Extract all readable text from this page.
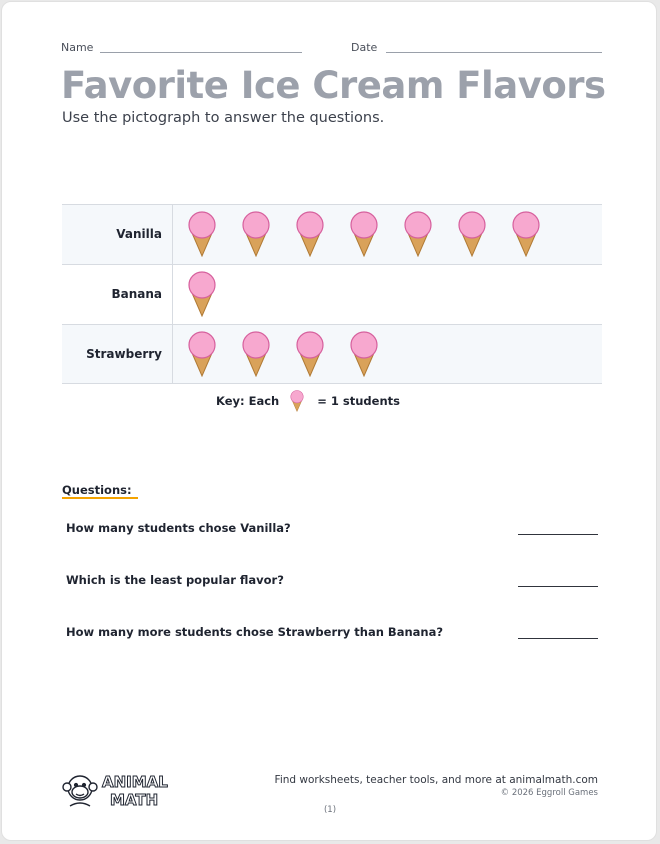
Name	Date
Favorite Ice Cream Flavors
Use the pictograph to answer the questions.
Vanilla
Banana
Strawberry
Key: Each	= 1 students
Questions:
How many students chose Vanilla?
Which is the least popular flavor?
How many more students chose Strawberry than Banana?
ANIMAL
MATH
Find worksheets, teacher tools, and more at animalmath.com
© 2026 Eggroll Games
(1)
